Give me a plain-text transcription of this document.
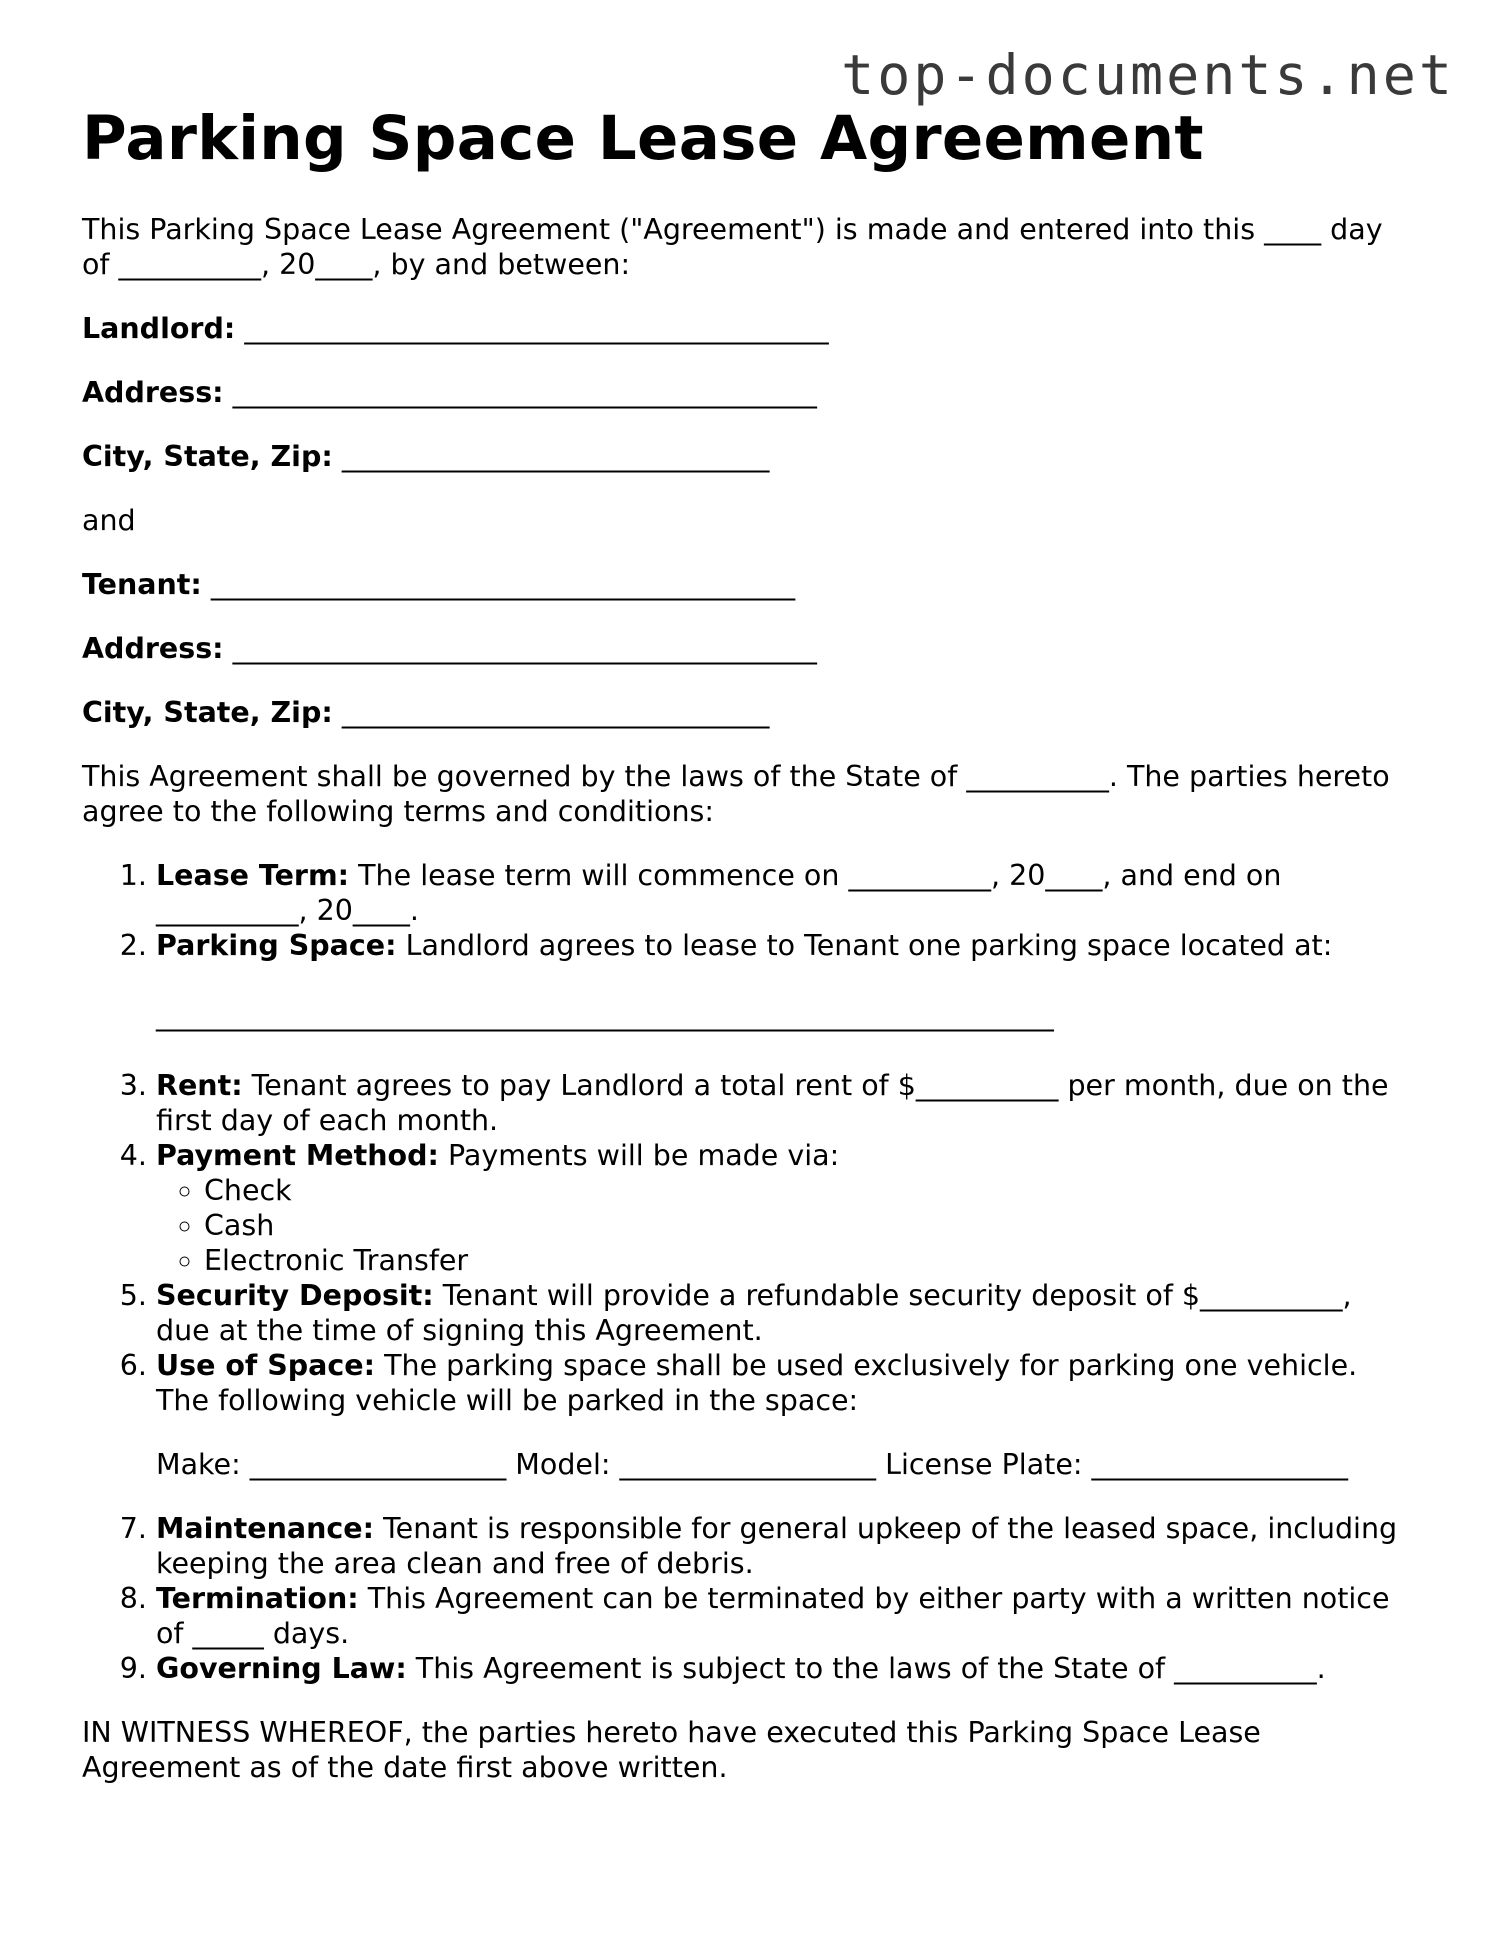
top-documents.net
Parking Space Lease Agreement

This Parking Space Lease Agreement ("Agreement") is made and entered into this ____ day of __________, 20____, by and between:

Landlord: _________________________________________

Address: _________________________________________

City, State, Zip: ______________________________

and

Tenant: _________________________________________

Address: _________________________________________

City, State, Zip: ______________________________

This Agreement shall be governed by the laws of the State of __________. The parties hereto agree to the following terms and conditions:

1. Lease Term: The lease term will commence on __________, 20____, and end on __________, 20____.
2. Parking Space: Landlord agrees to lease to Tenant one parking space located at:
_______________________________________________________________
3. Rent: Tenant agrees to pay Landlord a total rent of $__________ per month, due on the first day of each month.
4. Payment Method: Payments will be made via:
◦ Check
◦ Cash
◦ Electronic Transfer
5. Security Deposit: Tenant will provide a refundable security deposit of $__________, due at the time of signing this Agreement.
6. Use of Space: The parking space shall be used exclusively for parking one vehicle. The following vehicle will be parked in the space:
Make: __________________ Model: __________________ License Plate: __________________
7. Maintenance: Tenant is responsible for general upkeep of the leased space, including keeping the area clean and free of debris.
8. Termination: This Agreement can be terminated by either party with a written notice of _____ days.
9. Governing Law: This Agreement is subject to the laws of the State of __________.

IN WITNESS WHEREOF, the parties hereto have executed this Parking Space Lease Agreement as of the date first above written.
